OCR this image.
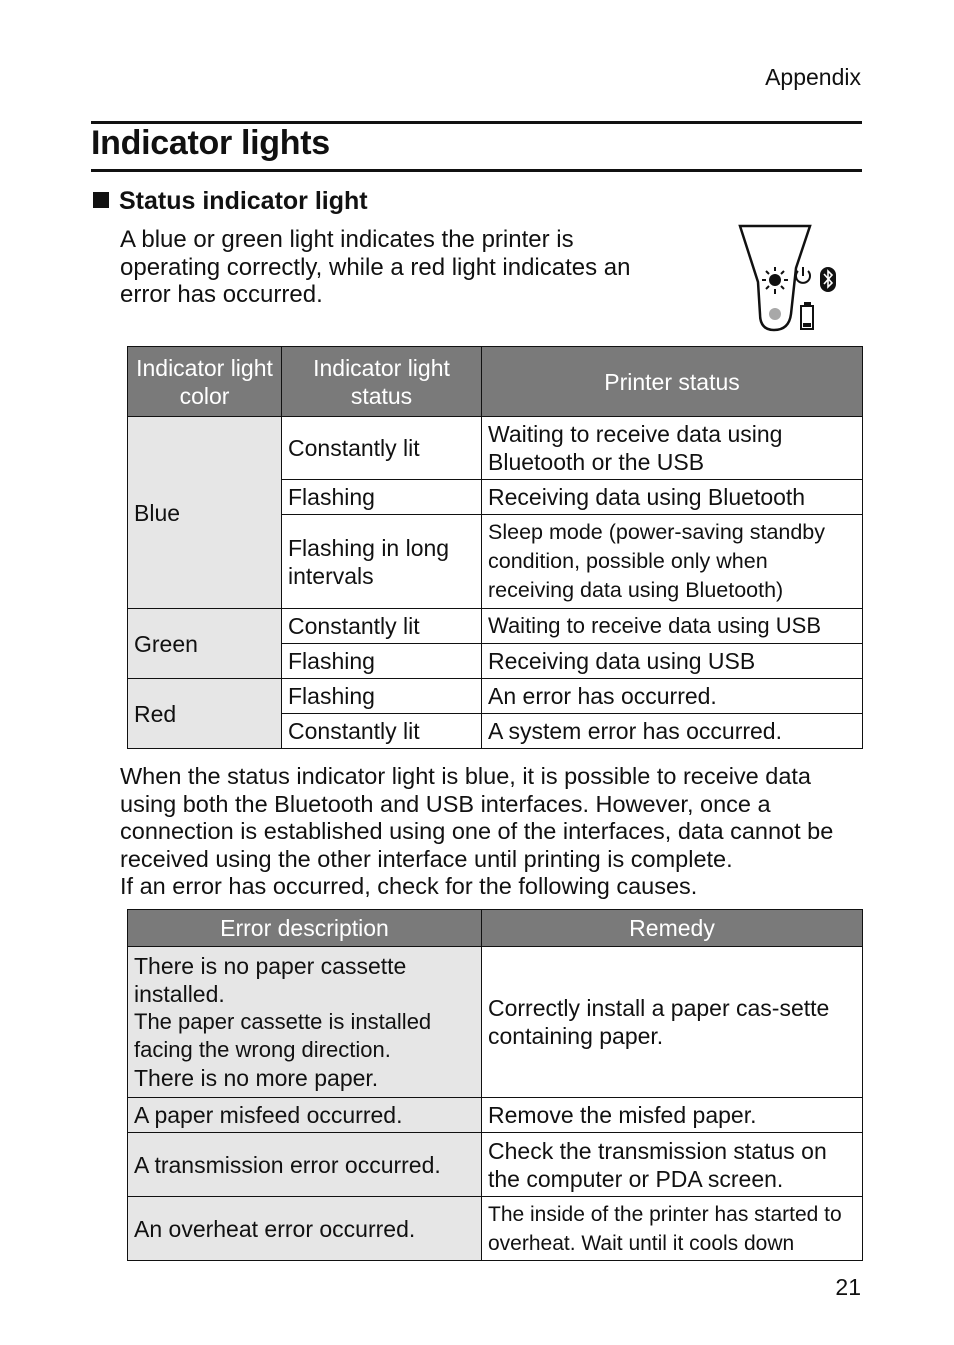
Appendix
Indicator lights
Status indicator light
A blue or green light indicates the printer is operating correctly, while a red light indicates an error has occurred.
Indicator light color	Indicator light status	Printer status
Blue	Constantly lit	Waiting to receive data using Bluetooth or the USB
	Flashing	Receiving data using Bluetooth
	Flashing in long intervals	Sleep mode (power-saving standby condition, possible only when receiving data using Bluetooth)
Green	Constantly lit	Waiting to receive data using USB
	Flashing	Receiving data using USB
Red	Flashing	An error has occurred.
	Constantly lit	A system error has occurred.
When the status indicator light is blue, it is possible to receive data using both the Bluetooth and USB interfaces. However, once a connection is established using one of the interfaces, data cannot be received using the other interface until printing is complete.
If an error has occurred, check for the following causes.
Error description	Remedy

There is no paper cassette installed.
The paper cassette is installed facing the wrong direction.
There is no more paper.	Correctly install a paper cas-sette containing paper.

A paper misfeed occurred.	Remove the misfed paper.

A transmission error occurred.	Check the transmission status on the computer or PDA screen.

An overheat error occurred.	The inside of the printer has started to overheat. Wait until it cools down
21
